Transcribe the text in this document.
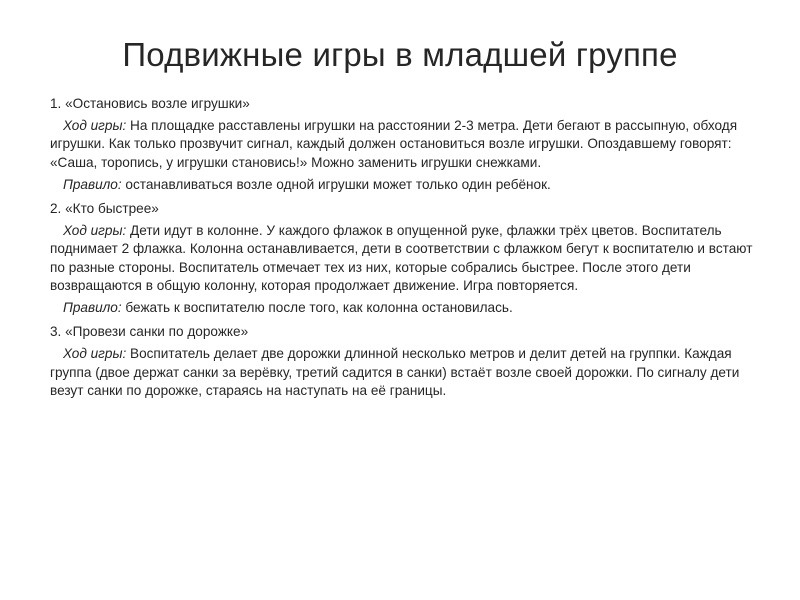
Подвижные игры в младшей группе
1. «Остановись возле игрушки»
Ход игры: На площадке расставлены игрушки на расстоянии 2-3 метра. Дети бегают в рассыпную, обходя игрушки. Как только прозвучит сигнал, каждый должен остановиться возле игрушки. Опоздавшему говорят: «Саша, торопись, у игрушки становись!» Можно заменить игрушки снежками.
Правило: останавливаться возле одной игрушки может только один ребёнок.
2. «Кто быстрее»
Ход игры: Дети идут в колонне. У каждого флажок в опущенной руке, флажки трёх цветов. Воспитатель поднимает 2 флажка. Колонна останавливается, дети в соответствии с флажком бегут к воспитателю и встают по разные стороны. Воспитатель отмечает тех из них, которые собрались быстрее. После этого дети возвращаются в общую колонну, которая продолжает движение. Игра повторяется.
Правило: бежать к воспитателю после того, как колонна остановилась.
3. «Провези санки по дорожке»
Ход игры: Воспитатель делает две дорожки длинной несколько метров и делит детей на группки. Каждая группа (двое держат санки за верёвку, третий садится в санки) встаёт возле своей дорожки. По сигналу дети везут санки по дорожке, стараясь на наступать на её границы.
